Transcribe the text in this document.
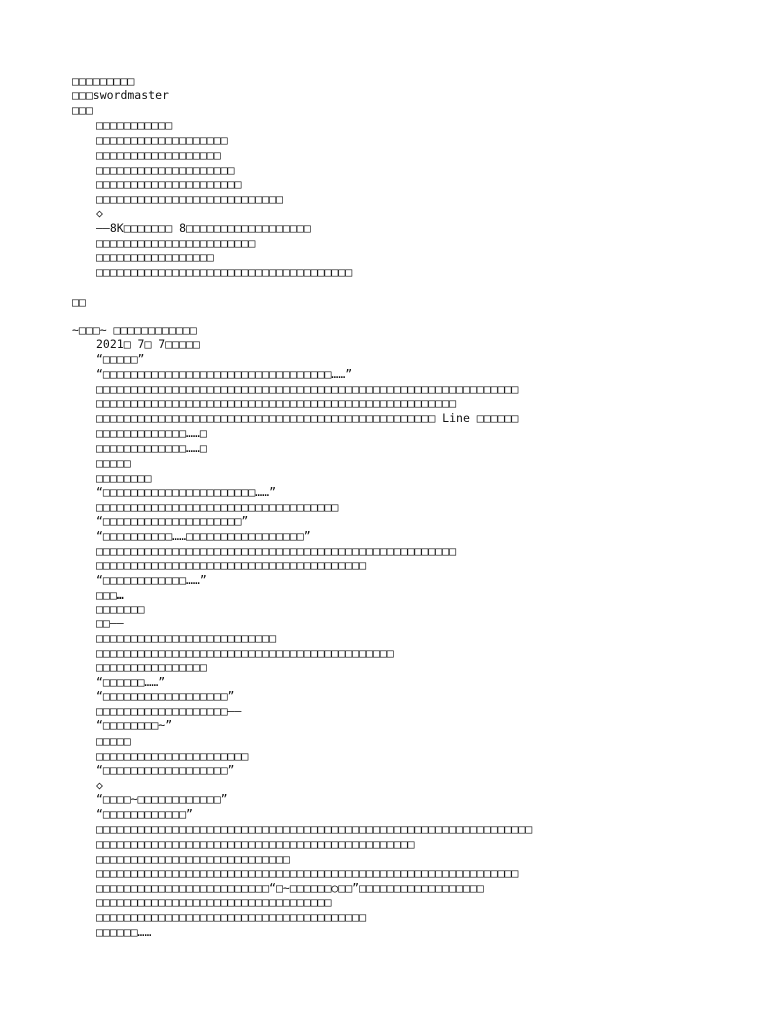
□□□□□□□□□
□□□swordmaster
□□□
□□□□□□□□□□□
□□□□□□□□□□□□□□□□□□□
□□□□□□□□□□□□□□□□□□
□□□□□□□□□□□□□□□□□□□□
□□□□□□□□□□□□□□□□□□□□□
□□□□□□□□□□□□□□□□□□□□□□□□□□□
◇
——8K□□□□□□□ 8□□□□□□□□□□□□□□□□□□
□□□□□□□□□□□□□□□□□□□□□□□
□□□□□□□□□□□□□□□□□
□□□□□□□□□□□□□□□□□□□□□□□□□□□□□□□□□□□□□
□□
~□□□~ □□□□□□□□□□□□
2021□ 7□ 7□□□□□
“□□□□□”
“□□□□□□□□□□□□□□□□□□□□□□□□□□□□□□□□□……”
□□□□□□□□□□□□□□□□□□□□□□□□□□□□□□□□□□□□□□□□□□□□□□□□□□□□□□□□□□□□□
□□□□□□□□□□□□□□□□□□□□□□□□□□□□□□□□□□□□□□□□□□□□□□□□□□□□
□□□□□□□□□□□□□□□□□□□□□□□□□□□□□□□□□□□□□□□□□□□□□□□□□ Line □□□□□□
□□□□□□□□□□□□□……□
□□□□□□□□□□□□□……□
□□□□□
□□□□□□□□
“□□□□□□□□□□□□□□□□□□□□□□……”
□□□□□□□□□□□□□□□□□□□□□□□□□□□□□□□□□□□
“□□□□□□□□□□□□□□□□□□□□”
“□□□□□□□□□□……□□□□□□□□□□□□□□□□□”
□□□□□□□□□□□□□□□□□□□□□□□□□□□□□□□□□□□□□□□□□□□□□□□□□□□□
□□□□□□□□□□□□□□□□□□□□□□□□□□□□□□□□□□□□□□□
“□□□□□□□□□□□□……”
□□□…
□□□□□□□
□□——
□□□□□□□□□□□□□□□□□□□□□□□□□□
□□□□□□□□□□□□□□□□□□□□□□□□□□□□□□□□□□□□□□□□□□□
□□□□□□□□□□□□□□□□
“□□□□□□……”
“□□□□□□□□□□□□□□□□□□”
□□□□□□□□□□□□□□□□□□□——
“□□□□□□□□~”
□□□□□
□□□□□□□□□□□□□□□□□□□□□□
“□□□□□□□□□□□□□□□□□□”
◇
“□□□□~□□□□□□□□□□□□”
“□□□□□□□□□□□□”
□□□□□□□□□□□□□□□□□□□□□□□□□□□□□□□□□□□□□□□□□□□□□□□□□□□□□□□□□□□□□□□
□□□□□□□□□□□□□□□□□□□□□□□□□□□□□□□□□□□□□□□□□□□□□□
□□□□□□□□□□□□□□□□□□□□□□□□□□□□
□□□□□□□□□□□□□□□□□□□□□□□□□□□□□□□□□□□□□□□□□□□□□□□□□□□□□□□□□□□□□
□□□□□□□□□□□□□□□□□□□□□□□□□“□~□□□□□□○□□”□□□□□□□□□□□□□□□□□□
□□□□□□□□□□□□□□□□□□□□□□□□□□□□□□□□□□
□□□□□□□□□□□□□□□□□□□□□□□□□□□□□□□□□□□□□□□
□□□□□□……
